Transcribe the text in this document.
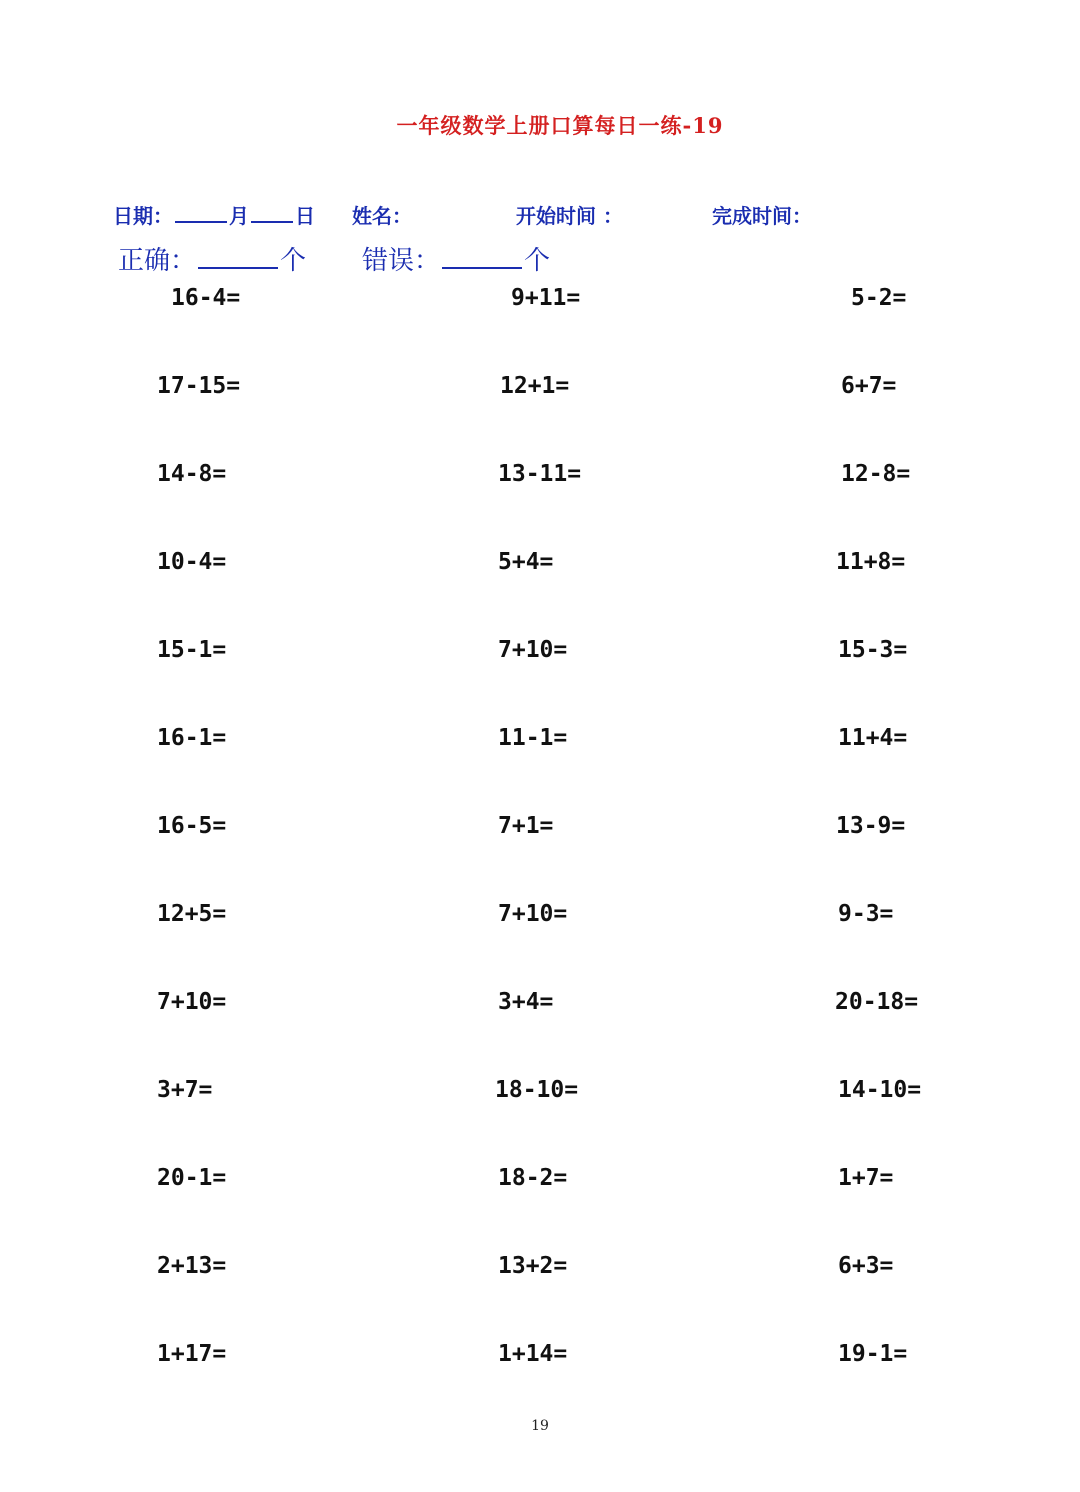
一年级数学上册口算每日一练-19
日期：	月 日 姓名：	开始时间 ：	完成时间：
正确：	个 错误：	个
16-4=	9+11=	5-2=
17-15=	12+1=	6+7=
14-8=	13-11=	12-8=
10-4=	5+4=	11+8=
15-1=	7+10=	15-3=
16-1=	11-1=	11+4=
16-5=	7+1=	13-9=
12+5=	7+10=	9-3=
7+10=	3+4=	20-18=
3+7=	18-10=	14-10=
20-1=	18-2=	1+7=
2+13=	13+2=	6+3=
1+17=	1+14=	19-1=
19
